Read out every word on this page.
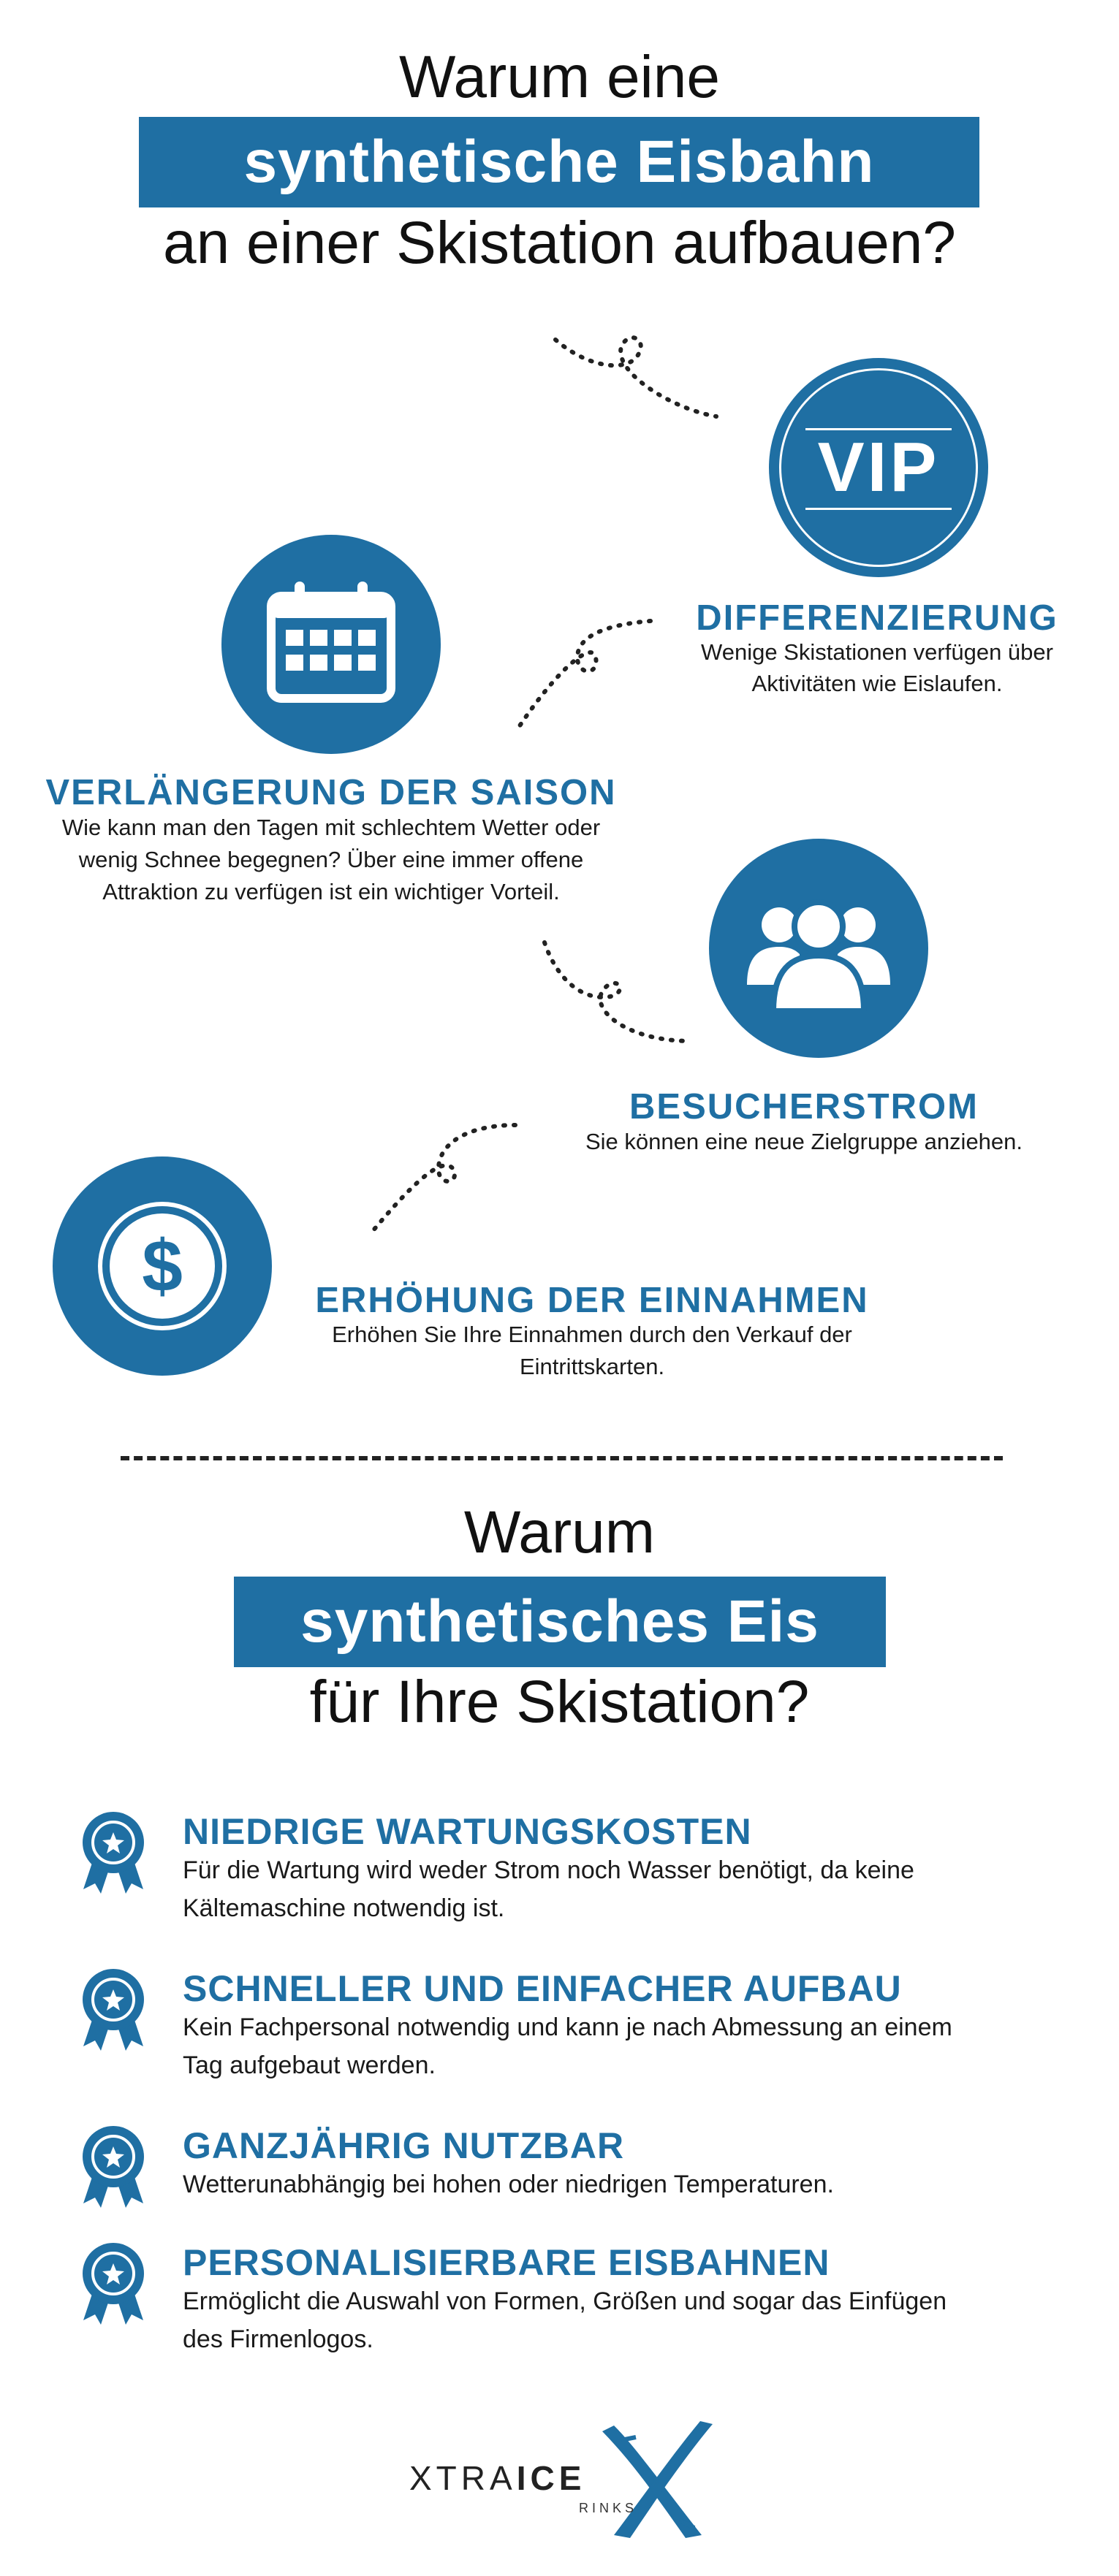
Warum eine
synthetische Eisbahn
an einer Skistation aufbauen?
VIP
DIFFERENZIERUNG
Wenige Skistationen verfügen über
Aktivitäten wie Eislaufen.
VERLÄNGERUNG DER SAISON
Wie kann man den Tagen mit schlechtem Wetter oder
wenig Schnee begegnen? Über eine immer offene
Attraktion zu verfügen ist ein wichtiger Vorteil.
BESUCHERSTROM
Sie können eine neue Zielgruppe anziehen.
$	ERHÖHUNG DER EINNAHMEN
Erhöhen Sie Ihre Einnahmen durch den Verkauf der
Eintrittskarten.
Warum
synthetisches Eis
für Ihre Skistation?
NIEDRIGE WARTUNGSKOSTEN
Für die Wartung wird weder Strom noch Wasser benötigt, da keine
Kältemaschine notwendig ist.
SCHNELLER UND EINFACHER AUFBAU
Kein Fachpersonal notwendig und kann je nach Abmessung an einem
Tag aufgebaut werden.
GANZJÄHRIG NUTZBAR
Wetterunabhängig bei hohen oder niedrigen Temperaturen.
PERSONALISIERBARE EISBAHNEN
Ermöglicht die Auswahl von Formen, Größen und sogar das Einfügen
des Firmenlogos.
XTRAICE
RINKS
